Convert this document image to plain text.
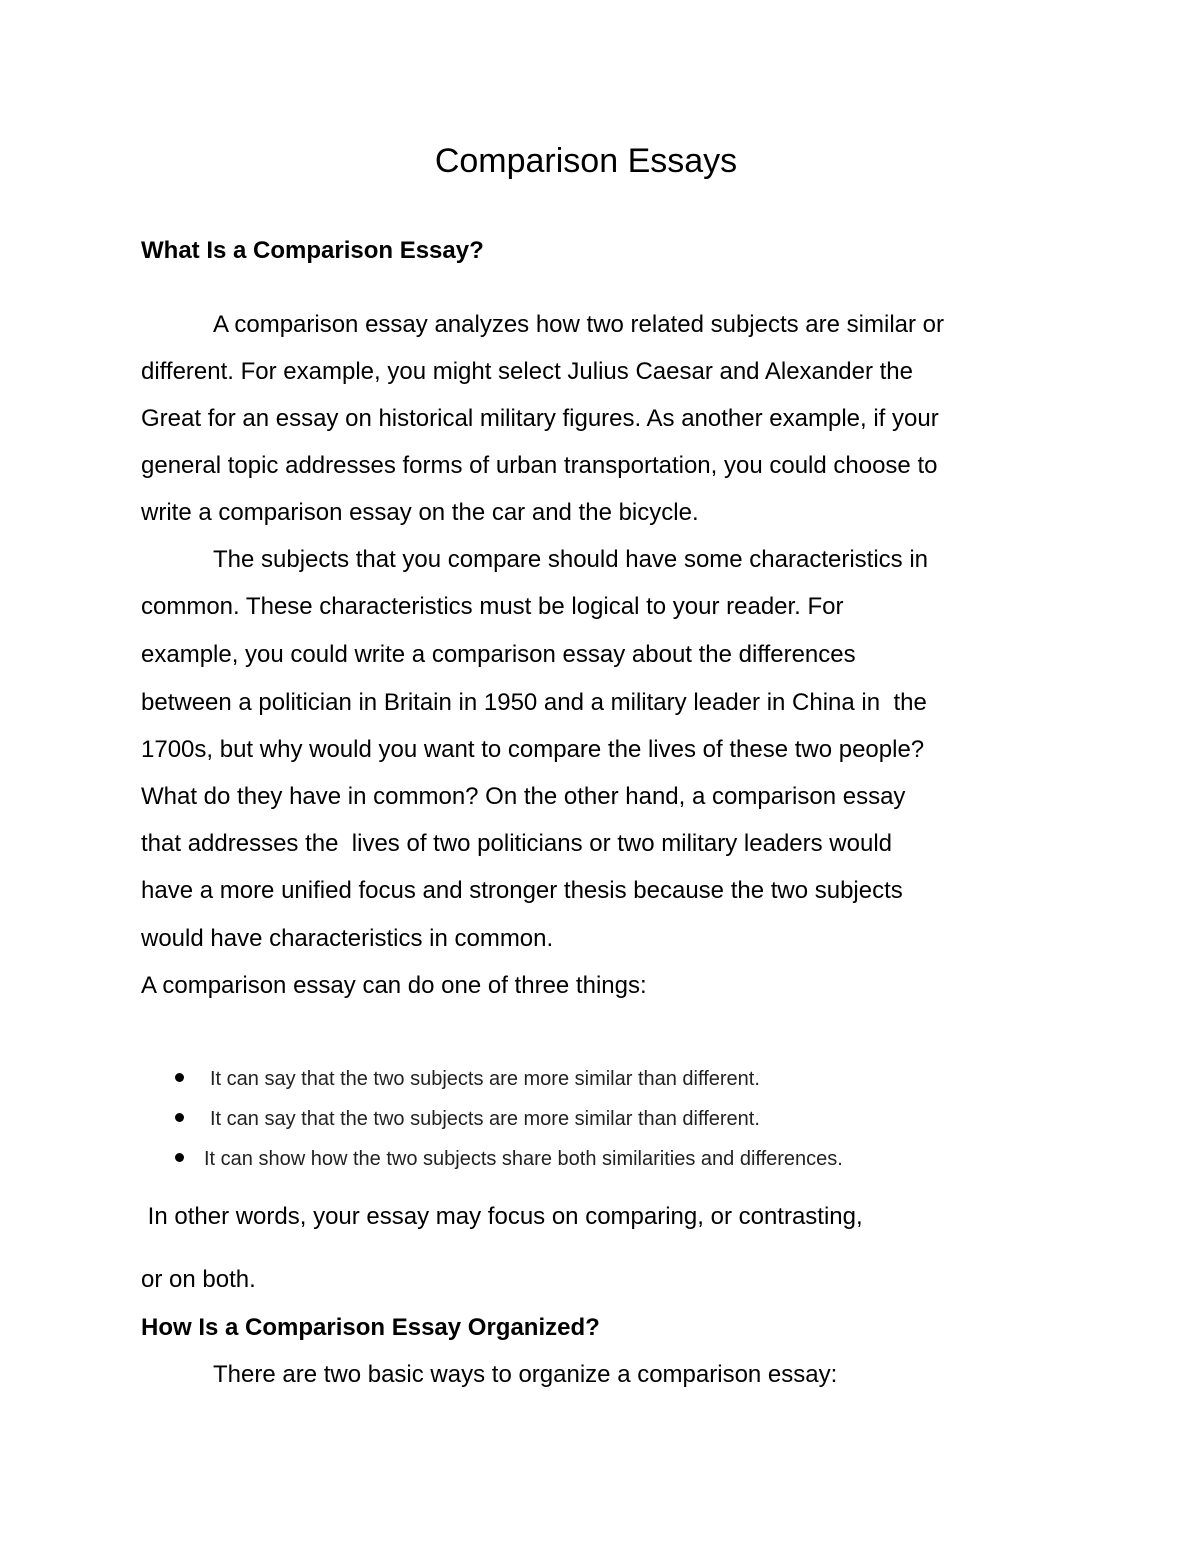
Comparison Essays
What Is a Comparison Essay?

A comparison essay analyzes how two related subjects are similar or

different. For example, you might select Julius Caesar and Alexander the

Great for an essay on historical military figures. As another example, if your

general topic addresses forms of urban transportation, you could choose to

write a comparison essay on the car and the bicycle.

The subjects that you compare should have some characteristics in

common. These characteristics must be logical to your reader. For

example, you could write a comparison essay about the differences

between a politician in Britain in 1950 and a military leader in China in  the

1700s, but why would you want to compare the lives of these two people?

What do they have in common? On the other hand, a comparison essay

that addresses the  lives of two politicians or two military leaders would

have a more unified focus and stronger thesis because the two subjects

would have characteristics in common.

A comparison essay can do one of three things:

It can say that the two subjects are more similar than different.
It can say that the two subjects are more similar than different.
It can show how the two subjects share both similarities and differences.

In other words, your essay may focus on comparing, or contrasting,

or on both.

How Is a Comparison Essay Organized?

There are two basic ways to organize a comparison essay:
